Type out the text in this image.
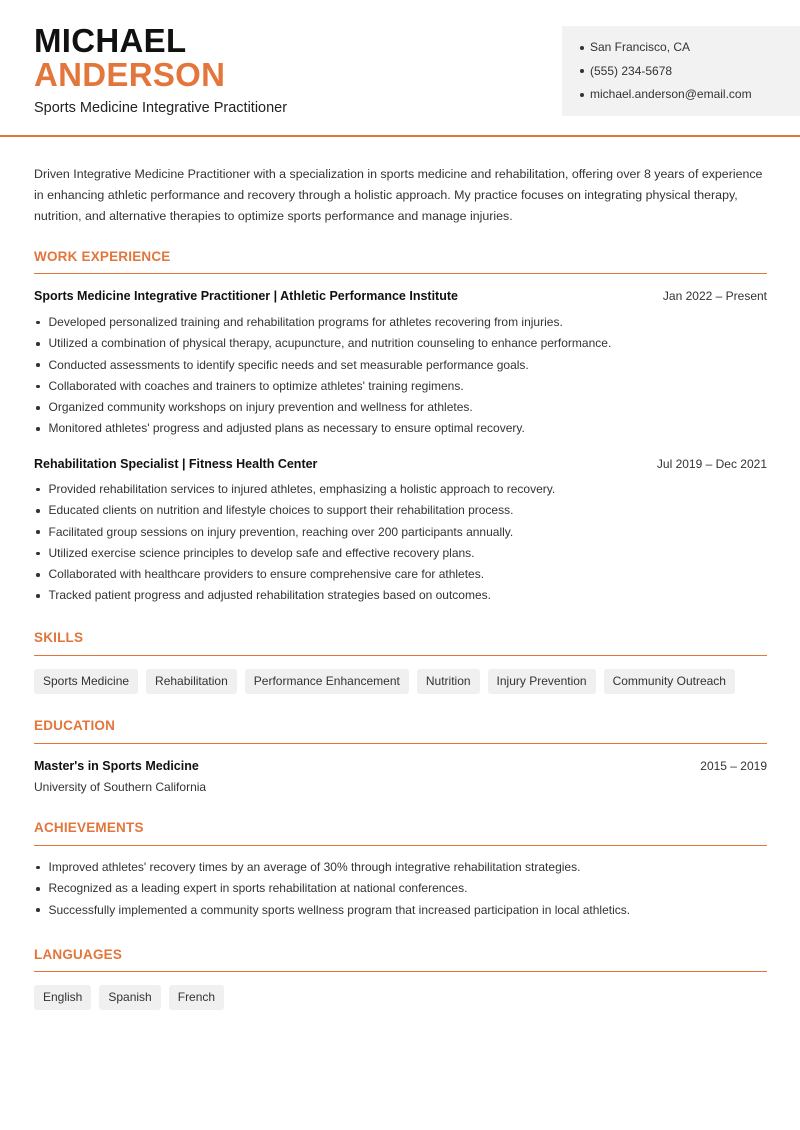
MICHAEL
ANDERSON
Sports Medicine Integrative Practitioner
San Francisco, CA
(555) 234-5678
michael.anderson@email.com

Driven Integrative Medicine Practitioner with a specialization in sports medicine and rehabilitation, offering over 8 years of experience in enhancing athletic performance and recovery through a holistic approach. My practice focuses on integrating physical therapy, nutrition, and alternative therapies to optimize sports performance and manage injuries.

WORK EXPERIENCE
Sports Medicine Integrative Practitioner | Athletic Performance Institute	Jan 2022 – Present
Developed personalized training and rehabilitation programs for athletes recovering from injuries.
Utilized a combination of physical therapy, acupuncture, and nutrition counseling to enhance performance.
Conducted assessments to identify specific needs and set measurable performance goals.
Collaborated with coaches and trainers to optimize athletes' training regimens.
Organized community workshops on injury prevention and wellness for athletes.
Monitored athletes' progress and adjusted plans as necessary to ensure optimal recovery.
Rehabilitation Specialist | Fitness Health Center	Jul 2019 – Dec 2021
Provided rehabilitation services to injured athletes, emphasizing a holistic approach to recovery.
Educated clients on nutrition and lifestyle choices to support their rehabilitation process.
Facilitated group sessions on injury prevention, reaching over 200 participants annually.
Utilized exercise science principles to develop safe and effective recovery plans.
Collaborated with healthcare providers to ensure comprehensive care for athletes.
Tracked patient progress and adjusted rehabilitation strategies based on outcomes.
SKILLS
Sports Medicine	Rehabilitation	Performance Enhancement	Nutrition	Injury Prevention	Community Outreach
EDUCATION
Master's in Sports Medicine	2015 – 2019
University of Southern California
ACHIEVEMENTS
Improved athletes' recovery times by an average of 30% through integrative rehabilitation strategies.
Recognized as a leading expert in sports rehabilitation at national conferences.
Successfully implemented a community sports wellness program that increased participation in local athletics.
LANGUAGES
English	Spanish	French
